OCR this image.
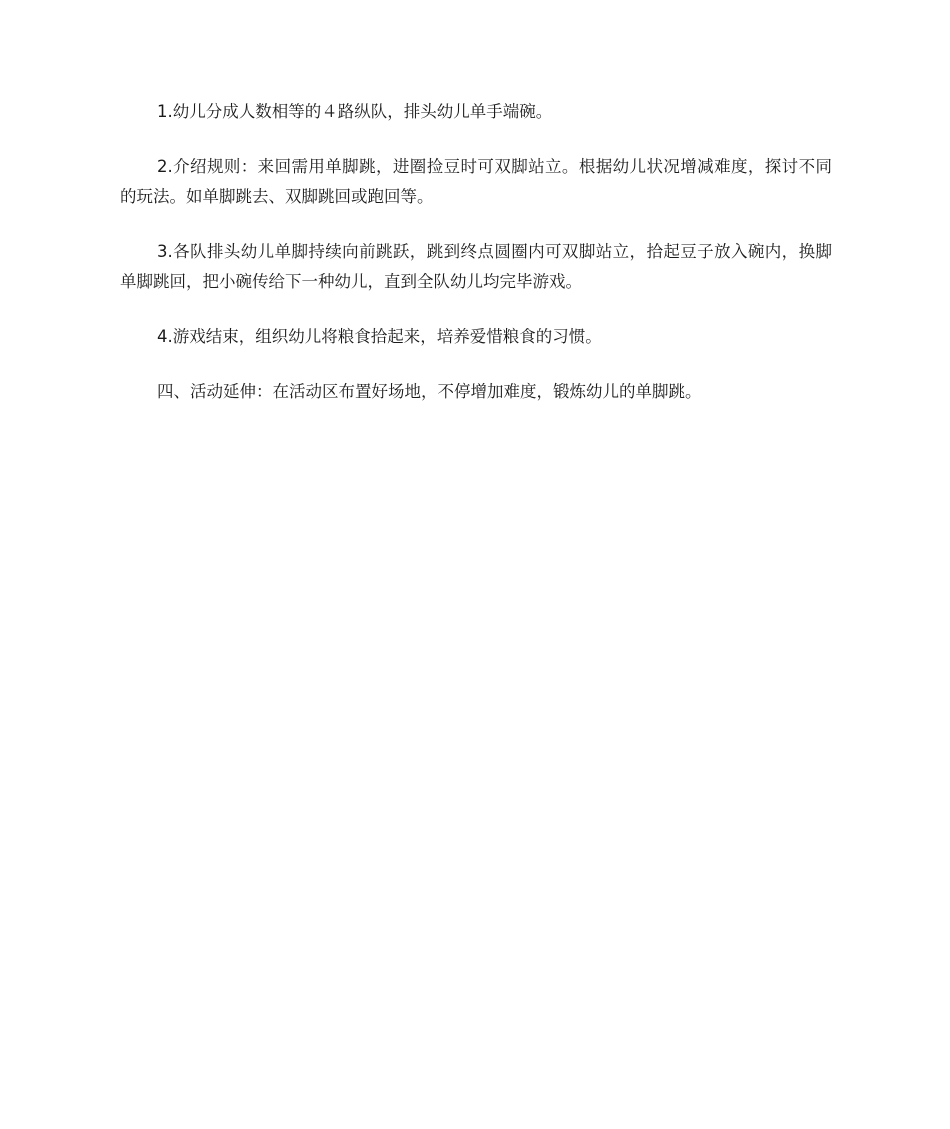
1.幼儿分成人数相等的４路纵队，排头幼儿单手端碗。

2.介绍规则：来回需用单脚跳，进圈捡豆时可双脚站立。根据幼儿状况增减难度，探讨不同的玩法。如单脚跳去、双脚跳回或跑回等。

3.各队排头幼儿单脚持续向前跳跃，跳到终点圆圈内可双脚站立，拾起豆子放入碗内，换脚单脚跳回，把小碗传给下一种幼儿，直到全队幼儿均完毕游戏。

4.游戏结束，组织幼儿将粮食拾起来，培养爱惜粮食的习惯。

四、活动延伸：在活动区布置好场地，不停增加难度，锻炼幼儿的单脚跳。
